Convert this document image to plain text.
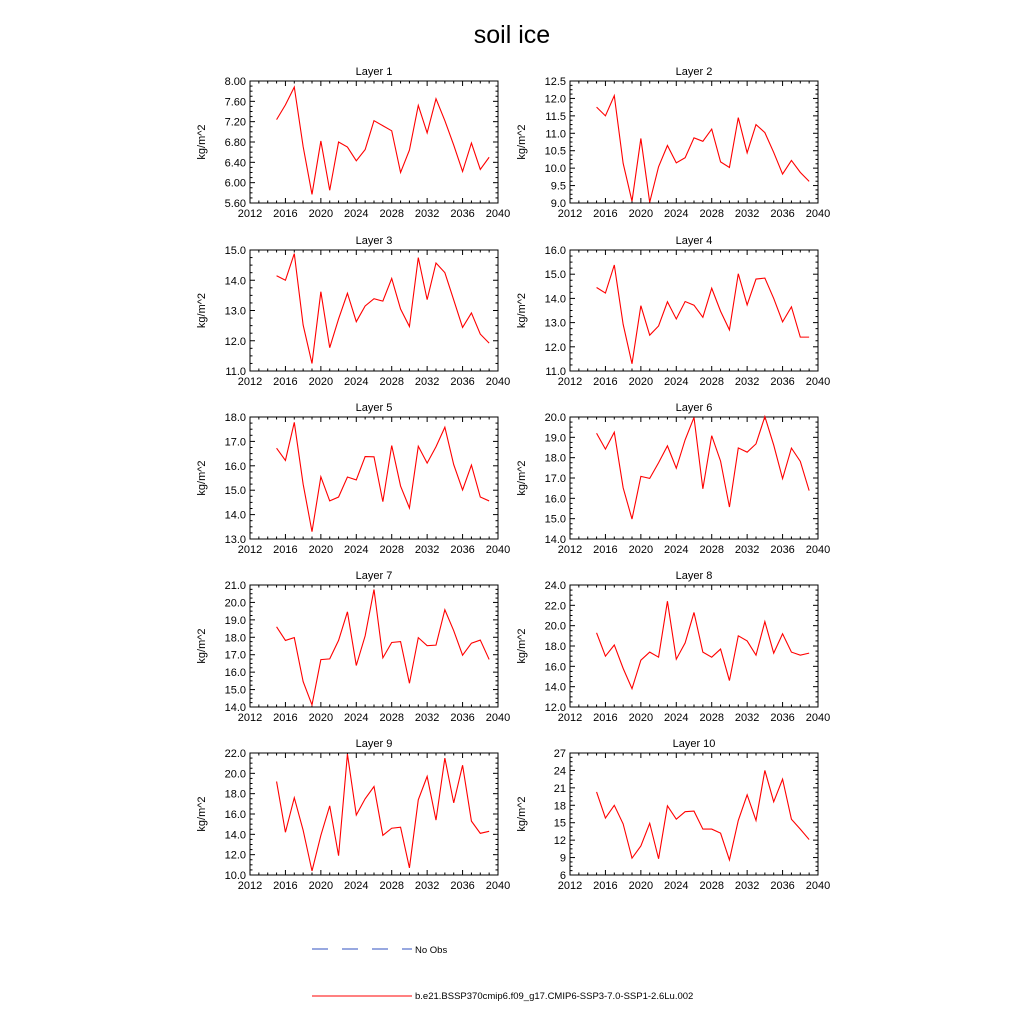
soil ice
Layer 1
2012 2016 2020 2024 2028 2032 2036 2040
5.60
6.00
6.40
6.80
7.20
7.60
8.00
kg/m^2
Layer 2
2012 2016 2020 2024 2028 2032 2036 2040
9.0
9.5
10.0
10.5
11.0
11.5
12.0
12.5
kg/m^2
Layer 3
2012 2016 2020 2024 2028 2032 2036 2040
11.0
12.0
13.0
14.0
15.0
kg/m^2
Layer 4
2012 2016 2020 2024 2028 2032 2036 2040
11.0
12.0
13.0
14.0
15.0
16.0
kg/m^2
Layer 5
2012 2016 2020 2024 2028 2032 2036 2040
13.0
14.0
15.0
16.0
17.0
18.0
kg/m^2
Layer 6
2012 2016 2020 2024 2028 2032 2036 2040
14.0
15.0
16.0
17.0
18.0
19.0
20.0
kg/m^2
Layer 7
2012 2016 2020 2024 2028 2032 2036 2040
14.0
15.0
16.0
17.0
18.0
19.0
20.0
21.0
kg/m^2
Layer 8
2012 2016 2020 2024 2028 2032 2036 2040
12.0
14.0
16.0
18.0
20.0
22.0
24.0
kg/m^2
Layer 9
2012 2016 2020 2024 2028 2032 2036 2040
10.0
12.0
14.0
16.0
18.0
20.0
22.0
kg/m^2
Layer 10
2012 2016 2020 2024 2028 2032 2036 2040
6
9
12
15
18
21
24
27
kg/m^2
No Obs
b.e21.BSSP370cmip6.f09_g17.CMIP6-SSP3-7.0-SSP1-2.6Lu.002
